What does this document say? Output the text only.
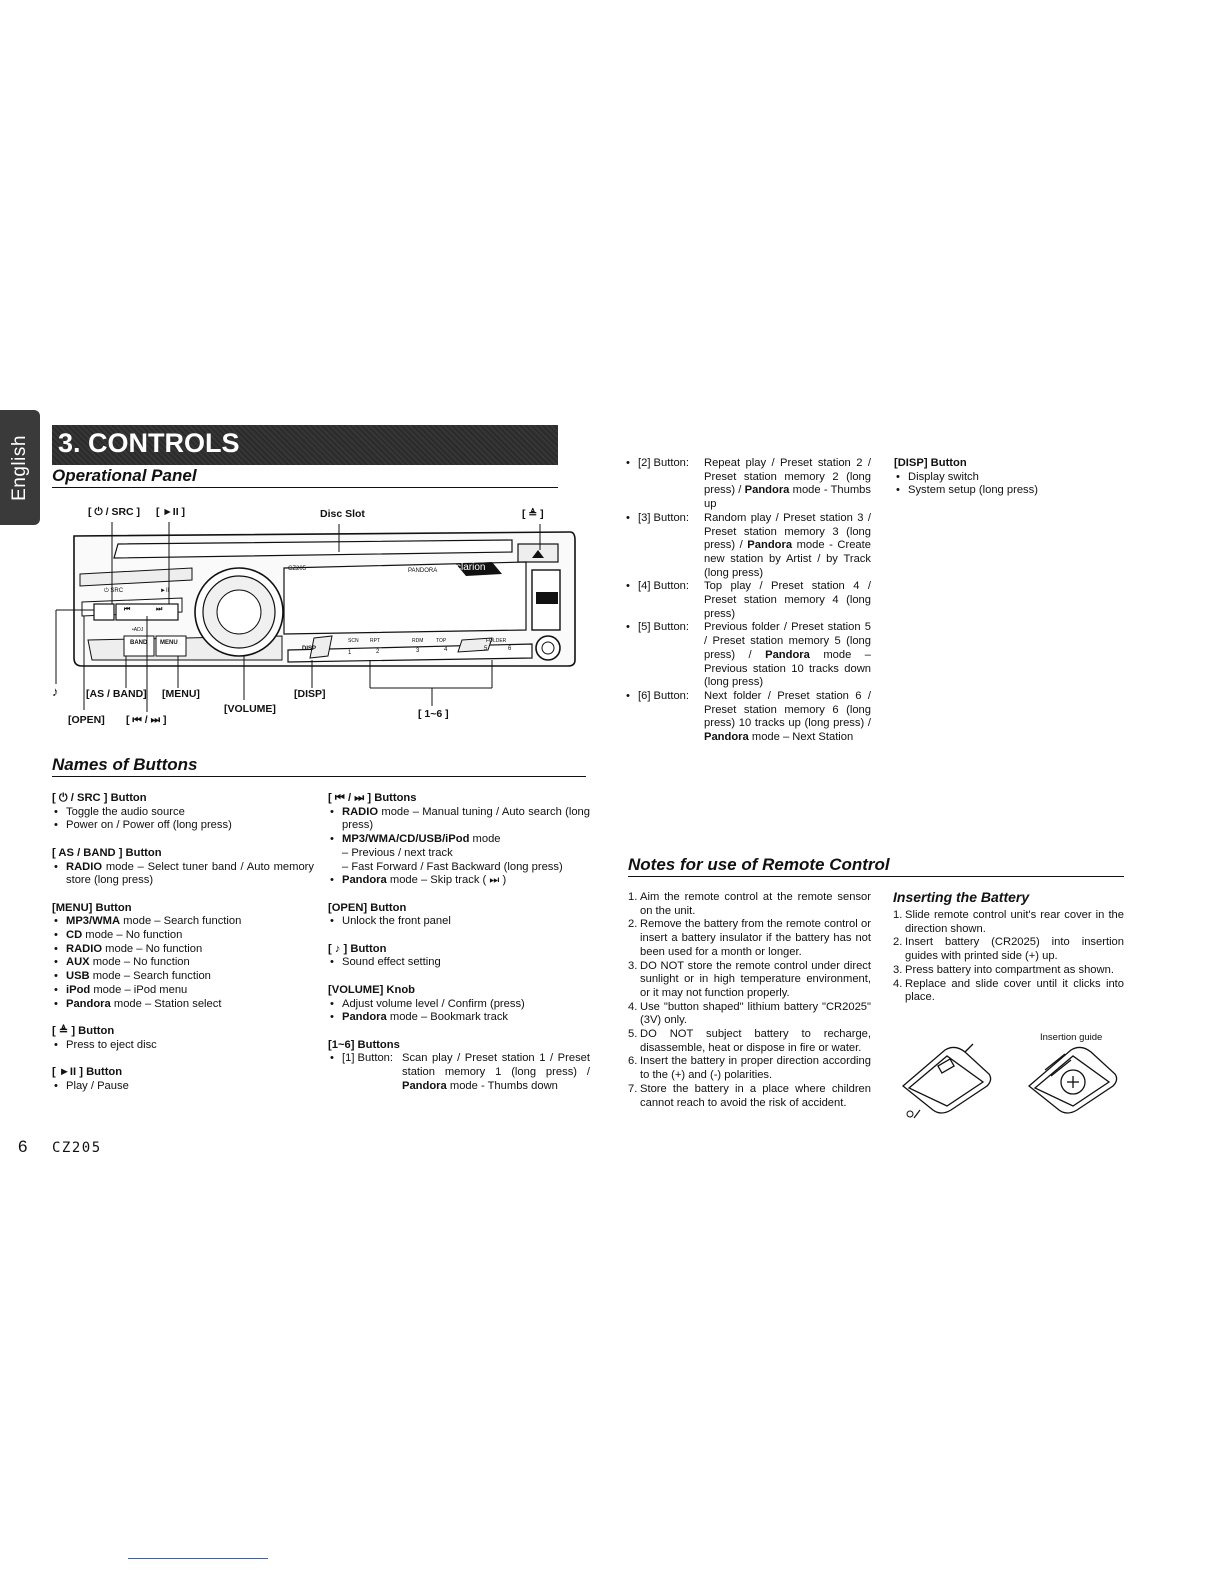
English 3. CONTROLS
Operational Panel
[ ⏻ / SRC ] [ ►II ]	Disc Slot	[ ≜ ]
clarion
PANDORA
CZ205
⏻ SRC	►II
BAND MENU
DISP
⏮	⏭
•ADJ
SCN RPT	RDM	TOP	FOLDER
1	2	3	4	5	6
♪	[AS / BAND] [MENU]	[DISP]
[VOLUME]
[OPEN] [ ⏮ / ⏭ ]	[ 1~6 ]
Names of Buttons
[ ⏻ / SRC ] Button
• Toggle the audio source
• Power on / Power off (long press)
[ AS / BAND ] Button
• RADIO mode – Select tuner band / Auto memory store (long press)
[MENU] Button
• MP3/WMA mode – Search function
• CD mode – No function
• RADIO mode – No function
• AUX mode – No function
• USB mode – Search function
• iPod mode – iPod menu
• Pandora mode – Station select
[ ≜ ] Button
• Press to eject disc
[ ►II ] Button
• Play / Pause
[ ⏮ / ⏭ ] Buttons
• RADIO mode – Manual tuning / Auto search (long press)
• MP3/WMA/CD/USB/iPod mode
– Previous / next track
– Fast Forward / Fast Backward (long press)
• Pandora mode – Skip track ( ⏭ )
[OPEN] Button
• Unlock the front panel
[ ♪ ] Button
• Sound effect setting
[VOLUME] Knob
• Adjust volume level / Confirm (press)
• Pandora mode – Bookmark track
[1~6] Buttons
• [1] Button: Scan play / Preset station 1 / Preset station memory 1 (long press) / Pandora mode - Thumbs down
• [2] Button:	Repeat play / Preset station 2 / Preset station memory 2 (long press) / Pandora mode - Thumbs up
• [3] Button:	Random play / Preset station 3 / Preset station memory 3 (long press) / Pandora mode - Create new station by Artist / by Track (long press)
• [4] Button:	Top play / Preset station 4 / Preset station memory 4 (long press)
• [5] Button:	Previous folder / Preset station 5 / Preset station memory 5 (long press) / Pandora mode – Previous station 10 tracks down (long press)
• [6] Button:	Next folder / Preset station 6 / Preset station memory 6 (long press) 10 tracks up (long press) / Pandora mode – Next Station
[DISP] Button
• Display switch
• System setup (long press)
Notes for use of Remote Control
1. Aim the remote control at the remote sensor on the unit.
2. Remove the battery from the remote control or insert a battery insulator if the battery has not been used for a month or longer.
3. DO NOT store the remote control under direct sunlight or in high temperature environment, or it may not function properly.
4. Use "button shaped" lithium battery "CR2025" (3V) only.
5. DO NOT subject battery to recharge, disassemble, heat or dispose in fire or water.
6. Insert the battery in proper direction according to the (+) and (-) polarities.
7. Store the battery in a place where children cannot reach to avoid the risk of accident.
Inserting the Battery
1. Slide remote control unit's rear cover in the direction shown.
2. Insert battery (CR2025) into insertion guides with printed side (+) up.
3. Press battery into compartment as shown.
4. Replace and slide cover until it clicks into place.
Insertion guide
6 CZ205
